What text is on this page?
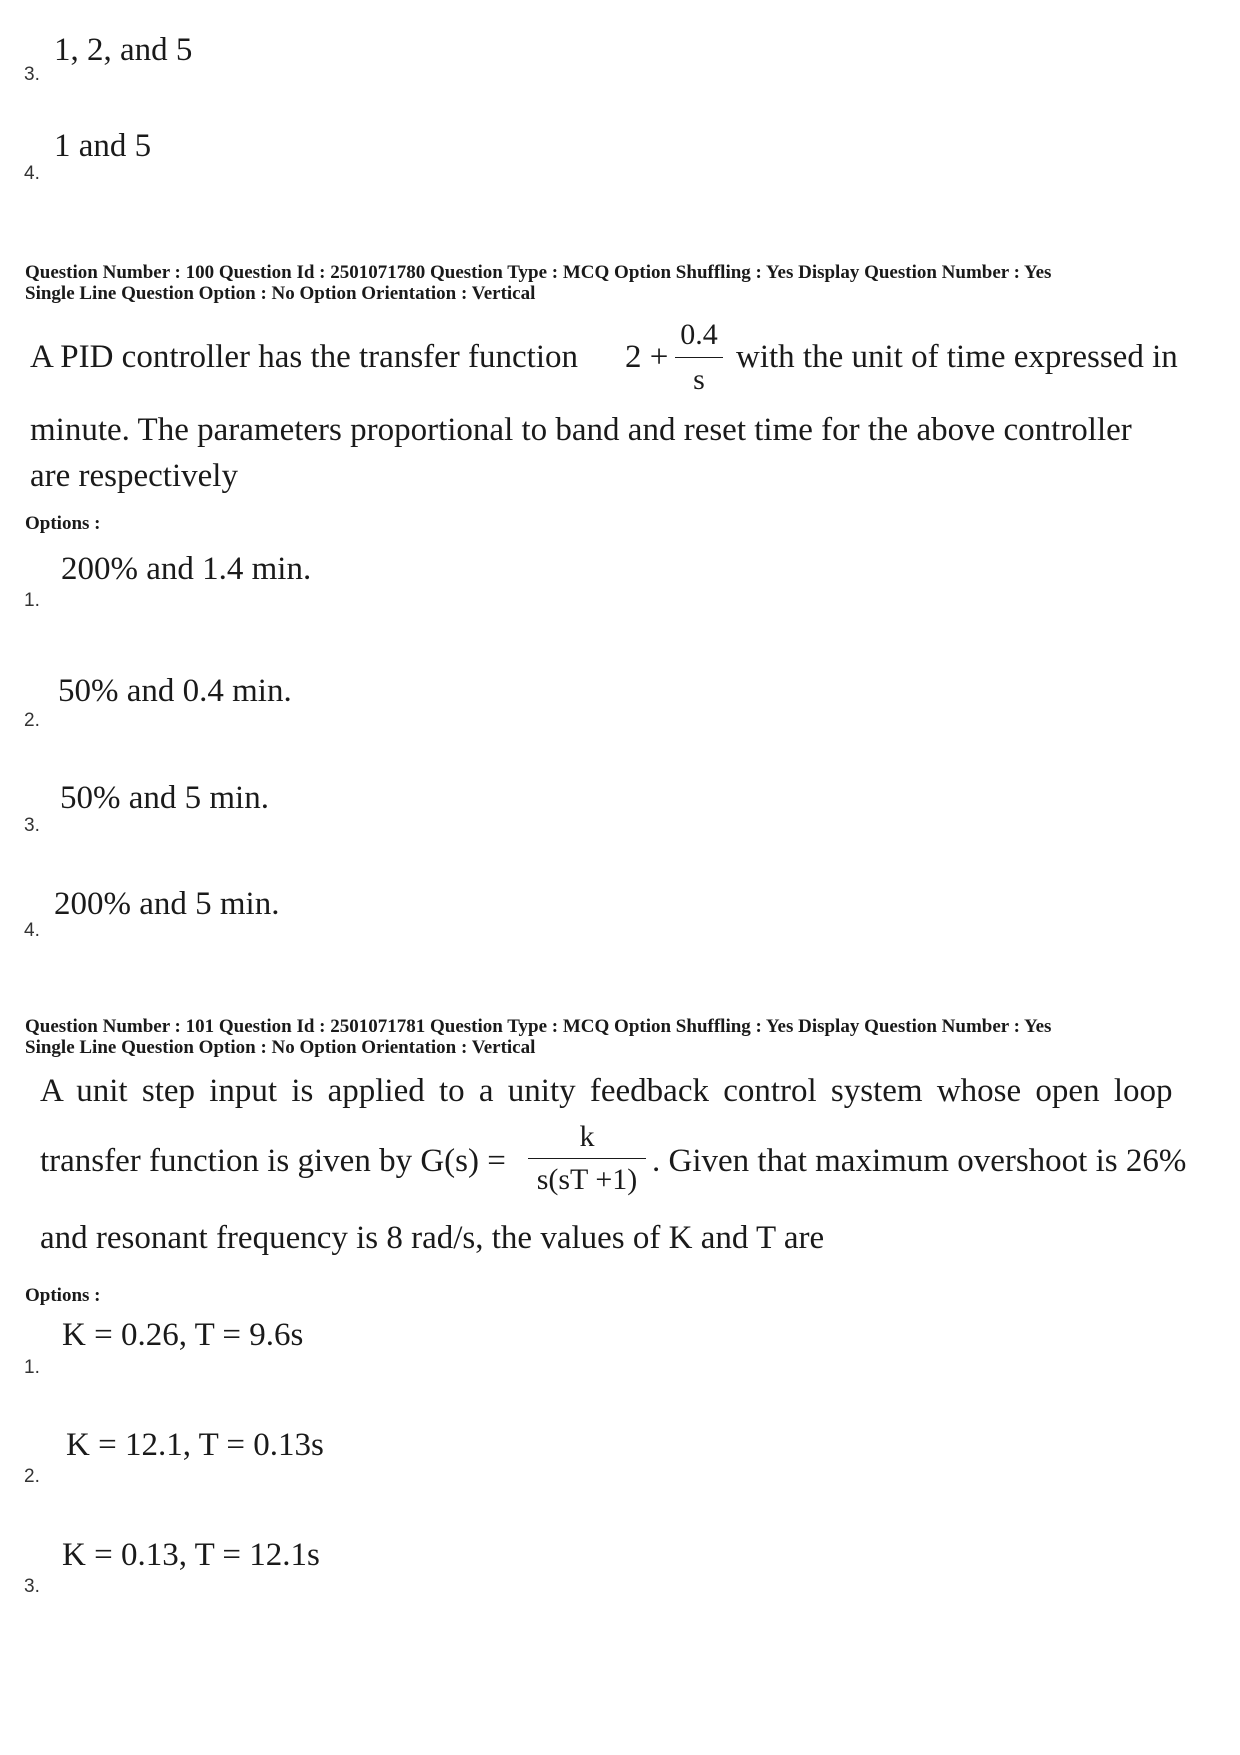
3.
1, 2, and 5
4.
1 and 5
Question Number : 100 Question Id : 2501071780 Question Type : MCQ Option Shuffling : Yes Display Question Number : Yes
Single Line Question Option : No Option Orientation : Vertical
A PID controller has the transfer function 2 +
0.4
s
with the unit of time expressed in
minute. The parameters proportional to band and reset time for the above controller
are respectively
Options :
1.
200% and 1.4 min.
2.
50% and 0.4 min.
3.
50% and 5 min.
4.
200% and 5 min.
Question Number : 101 Question Id : 2501071781 Question Type : MCQ Option Shuffling : Yes Display Question Number : Yes
Single Line Question Option : No Option Orientation : Vertical
A unit step input is applied to a unity feedback control system whose open loop
transfer function is given by G(s) =
k
s(sT +1)
. Given that maximum overshoot is 26%
and resonant frequency is 8 rad/s, the values of K and T are
Options :
1.
K = 0.26, T = 9.6s
2.
K = 12.1, T = 0.13s
3.
K = 0.13, T = 12.1s
